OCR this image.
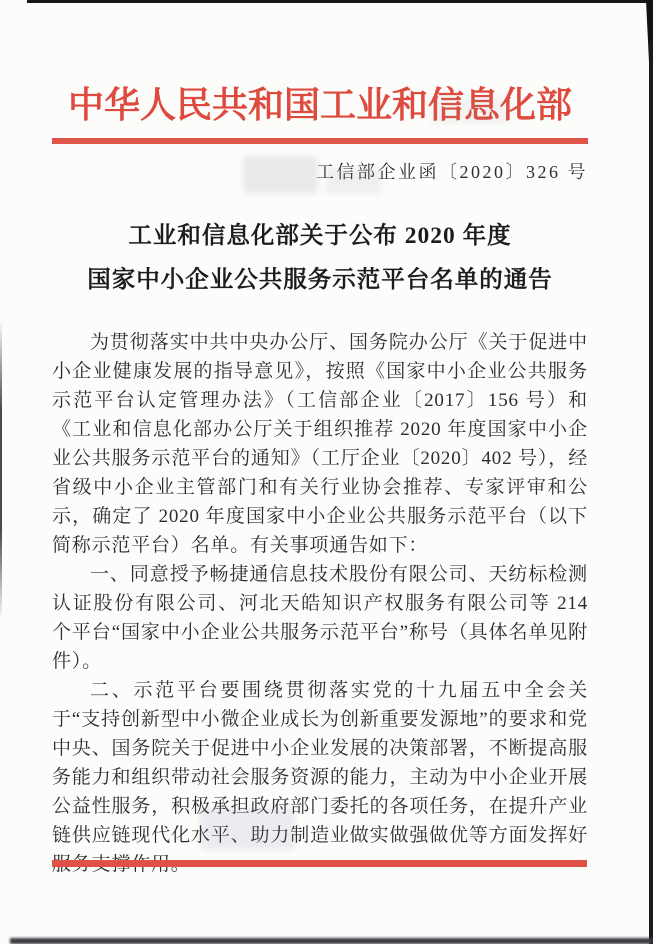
中华人民共和国工业和信息化部
工信部企业函〔2020〕326 号
工业和信息化部关于公布 2020 年度
国家中小企业公共服务示范平台名单的通告

为贯彻落实中共中央办公厅、国务院办公厅《关于促进中小企业健康发展的指导意见》，按照《国家中小企业公共服务示范平台认定管理办法》（工信部企业〔2017〕156 号）和《工业和信息化部办公厅关于组织推荐 2020 年度国家中小企业公共服务示范平台的通知》（工厅企业〔2020〕402 号），经省级中小企业主管部门和有关行业协会推荐、专家评审和公示，确定了 2020 年度国家中小企业公共服务示范平台（以下简称示范平台）名单。有关事项通告如下：

一、同意授予畅捷通信息技术股份有限公司、天纺标检测认证股份有限公司、河北天皓知识产权服务有限公司等 214 个平台“国家中小企业公共服务示范平台”称号（具体名单见附件）。

二、示范平台要围绕贯彻落实党的十九届五中全会关于“支持创新型中小微企业成长为创新重要发源地”的要求和党中央、国务院关于促进中小企业发展的决策部署，不断提高服务能力和组织带动社会服务资源的能力，主动为中小企业开展公益性服务，积极承担政府部门委托的各项任务，在提升产业链供应链现代化水平、助力制造业做实做强做优等方面发挥好服务支撑作用。
